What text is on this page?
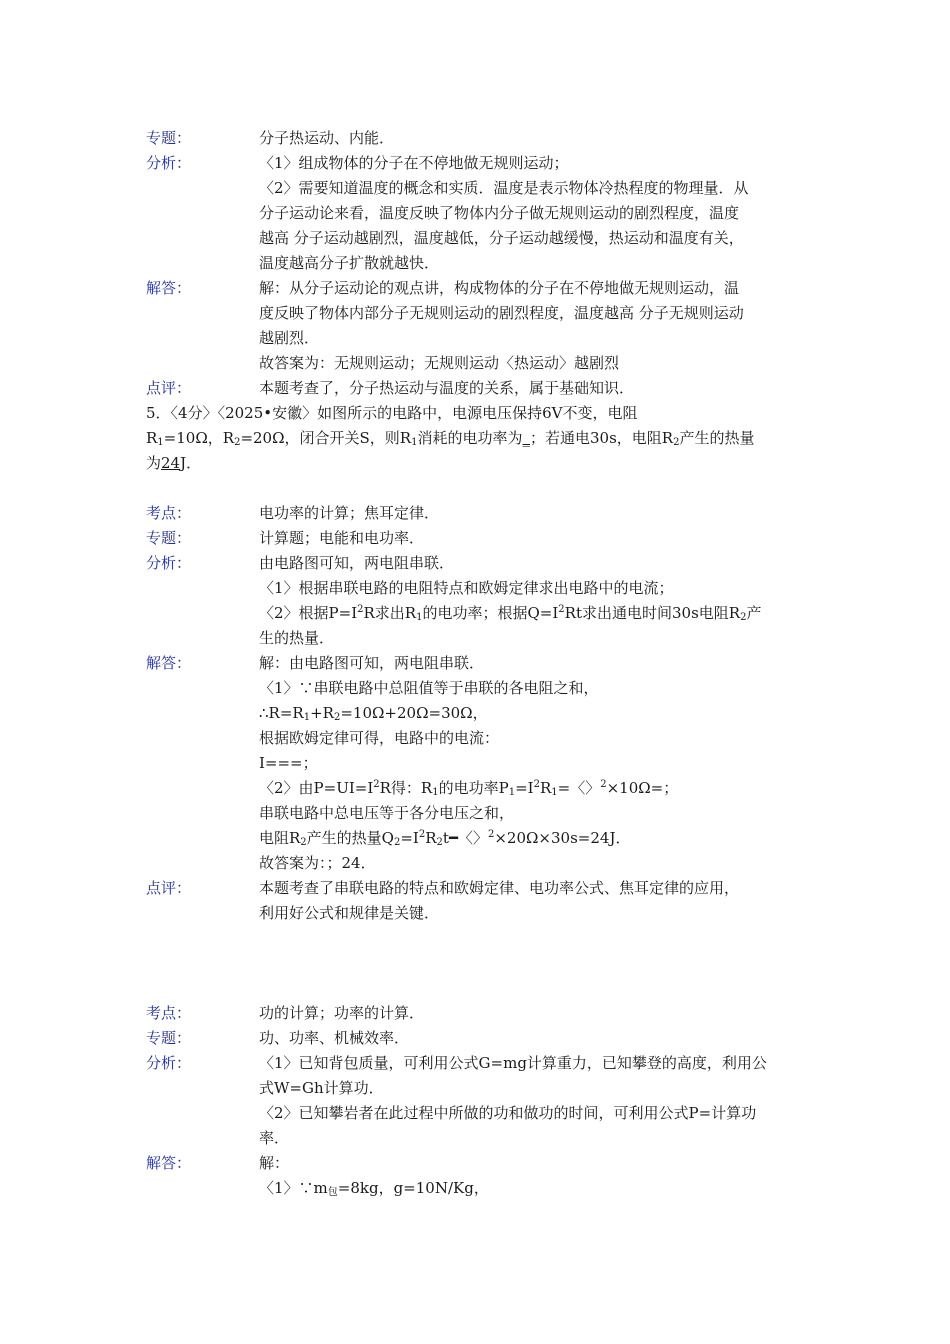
专题：	分子热运动、内能．
分析：	〈1〉组成物体的分子在不停地做无规则运动；
〈2〉需要知道温度的概念和实质．温度是表示物体冷热程度的物理量．从
分子运动论来看，温度反映了物体内分子做无规则运动的剧烈程度，温度
越高 分子运动越剧烈，温度越低，分子运动越缓慢，热运动和温度有关，
温度越高分子扩散就越快．
解答：	解：从分子运动论的观点讲，构成物体的分子在不停地做无规则运动，温
度反映了物体内部分子无规则运动的剧烈程度，温度越高 分子无规则运动
越剧烈．
故答案为：无规则运动；无规则运动〈热运动〉越剧烈
点评：	本题考查了，分子热运动与温度的关系，属于基础知识．
5．〈4分〉〈2025•安徽〉如图所示的电路中，电源电压保持6V不变，电阻
$R_1=10\Omega$，$R_2=20\Omega$，闭合开关S，则$R_1$消耗的电功率为_；若通电30s，电阻$R_2$产生的热量
为24J．
考点：	电功率的计算；焦耳定律．
专题：	计算题；电能和电功率．
分析：	由电路图可知，两电阻串联．
〈1〉根据串联电路的电阻特点和欧姆定律求出电路中的电流；
〈2〉根据$P=I^2R$求出$R_1$的电功率；根据$Q=I^2Rt$求出通电时间30s电阻$R_2$产
生的热量．
解答：	解：由电路图可知，两电阻串联．
〈1〉∵串联电路中总阻值等于串联的各电阻之和，
$\therefore R=R_1+R_2=10\Omega+20\Omega=30\Omega$，
根据欧姆定律可得，电路中的电流：
I===；
〈2〉由$P=UI=I^2R$得：$R_1$的电功率$P_1=I^2R_1=$〈〉$^2$×10Ω=；
串联电路中总电压等于各分电压之和，
电阻$R_2$产生的热量$Q_2=I^2R_2t━$〈〉$^2$×20Ω×30s=24J．
故答案为：；24．
点评：	本题考查了串联电路的特点和欧姆定律、电功率公式、焦耳定律的应用，
利用好公式和规律是关键．
考点：	功的计算；功率的计算．
专题：	功、功率、机械效率．
分析：	〈1〉已知背包质量，可利用公式G=mg计算重力，已知攀登的高度，利用公
式W=Gh计算功．
〈2〉已知攀岩者在此过程中所做的功和做功的时间，可利用公式P=计算功
率．
解答：	解：
〈1〉$\because m_包=8kg$，g=10N/Kg，
